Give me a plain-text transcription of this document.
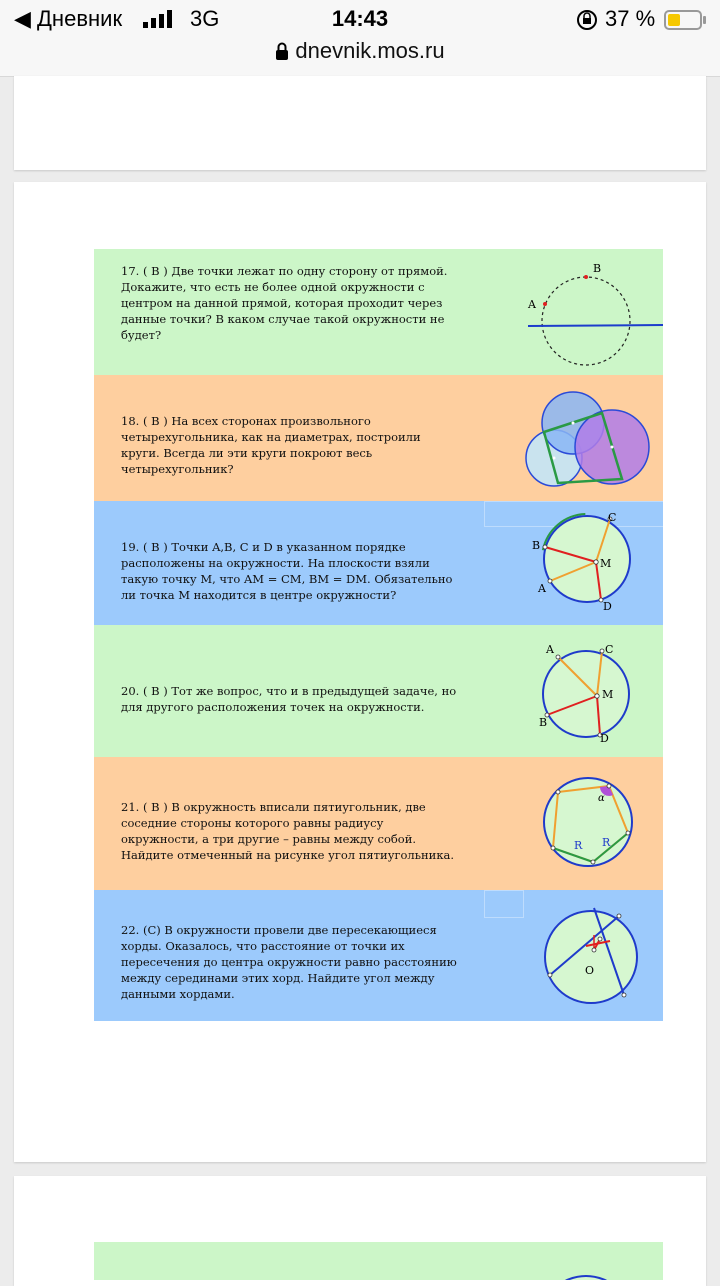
◀ Дневник	3G	14:43	37 %
dnevnik.mos.ru
17. ( B ) Две точки лежат по одну сторону от прямой. Докажите, что есть не более одной окружности с центром на данной прямой, которая проходит через данные точки? В каком случае такой окружности не будет?
A
B
18. ( B ) На всех сторонах произвольного четырехугольника, как на диаметрах, построили круги. Всегда ли эти круги покроют весь четырехугольник?
19. ( B ) Точки A,B, C и D в указанном порядке расположены на окружности. На плоскости взяли такую точку M, что AM = CM, BM = DM. Обязательно ли точка M находится в центре окружности?
B
C
M
A
D
20. ( B ) Тот же вопрос, что и в предыдущей задаче, но для другого расположения точек на окружности.
A	C
M
B
D
21. ( B ) В окружность вписали пятиугольник, две соседние стороны которого равны радиусу окружности, а три другие – равны между собой. Найдите отмеченный на рисунке угол пятиугольника.
α
R R
22. (C) В окружности провели две пересекающиеся хорды. Оказалось, что расстояние от точки их пересечения до центра окружности равно расстоянию между серединами этих хорд. Найдите угол между данными хордами.
O
